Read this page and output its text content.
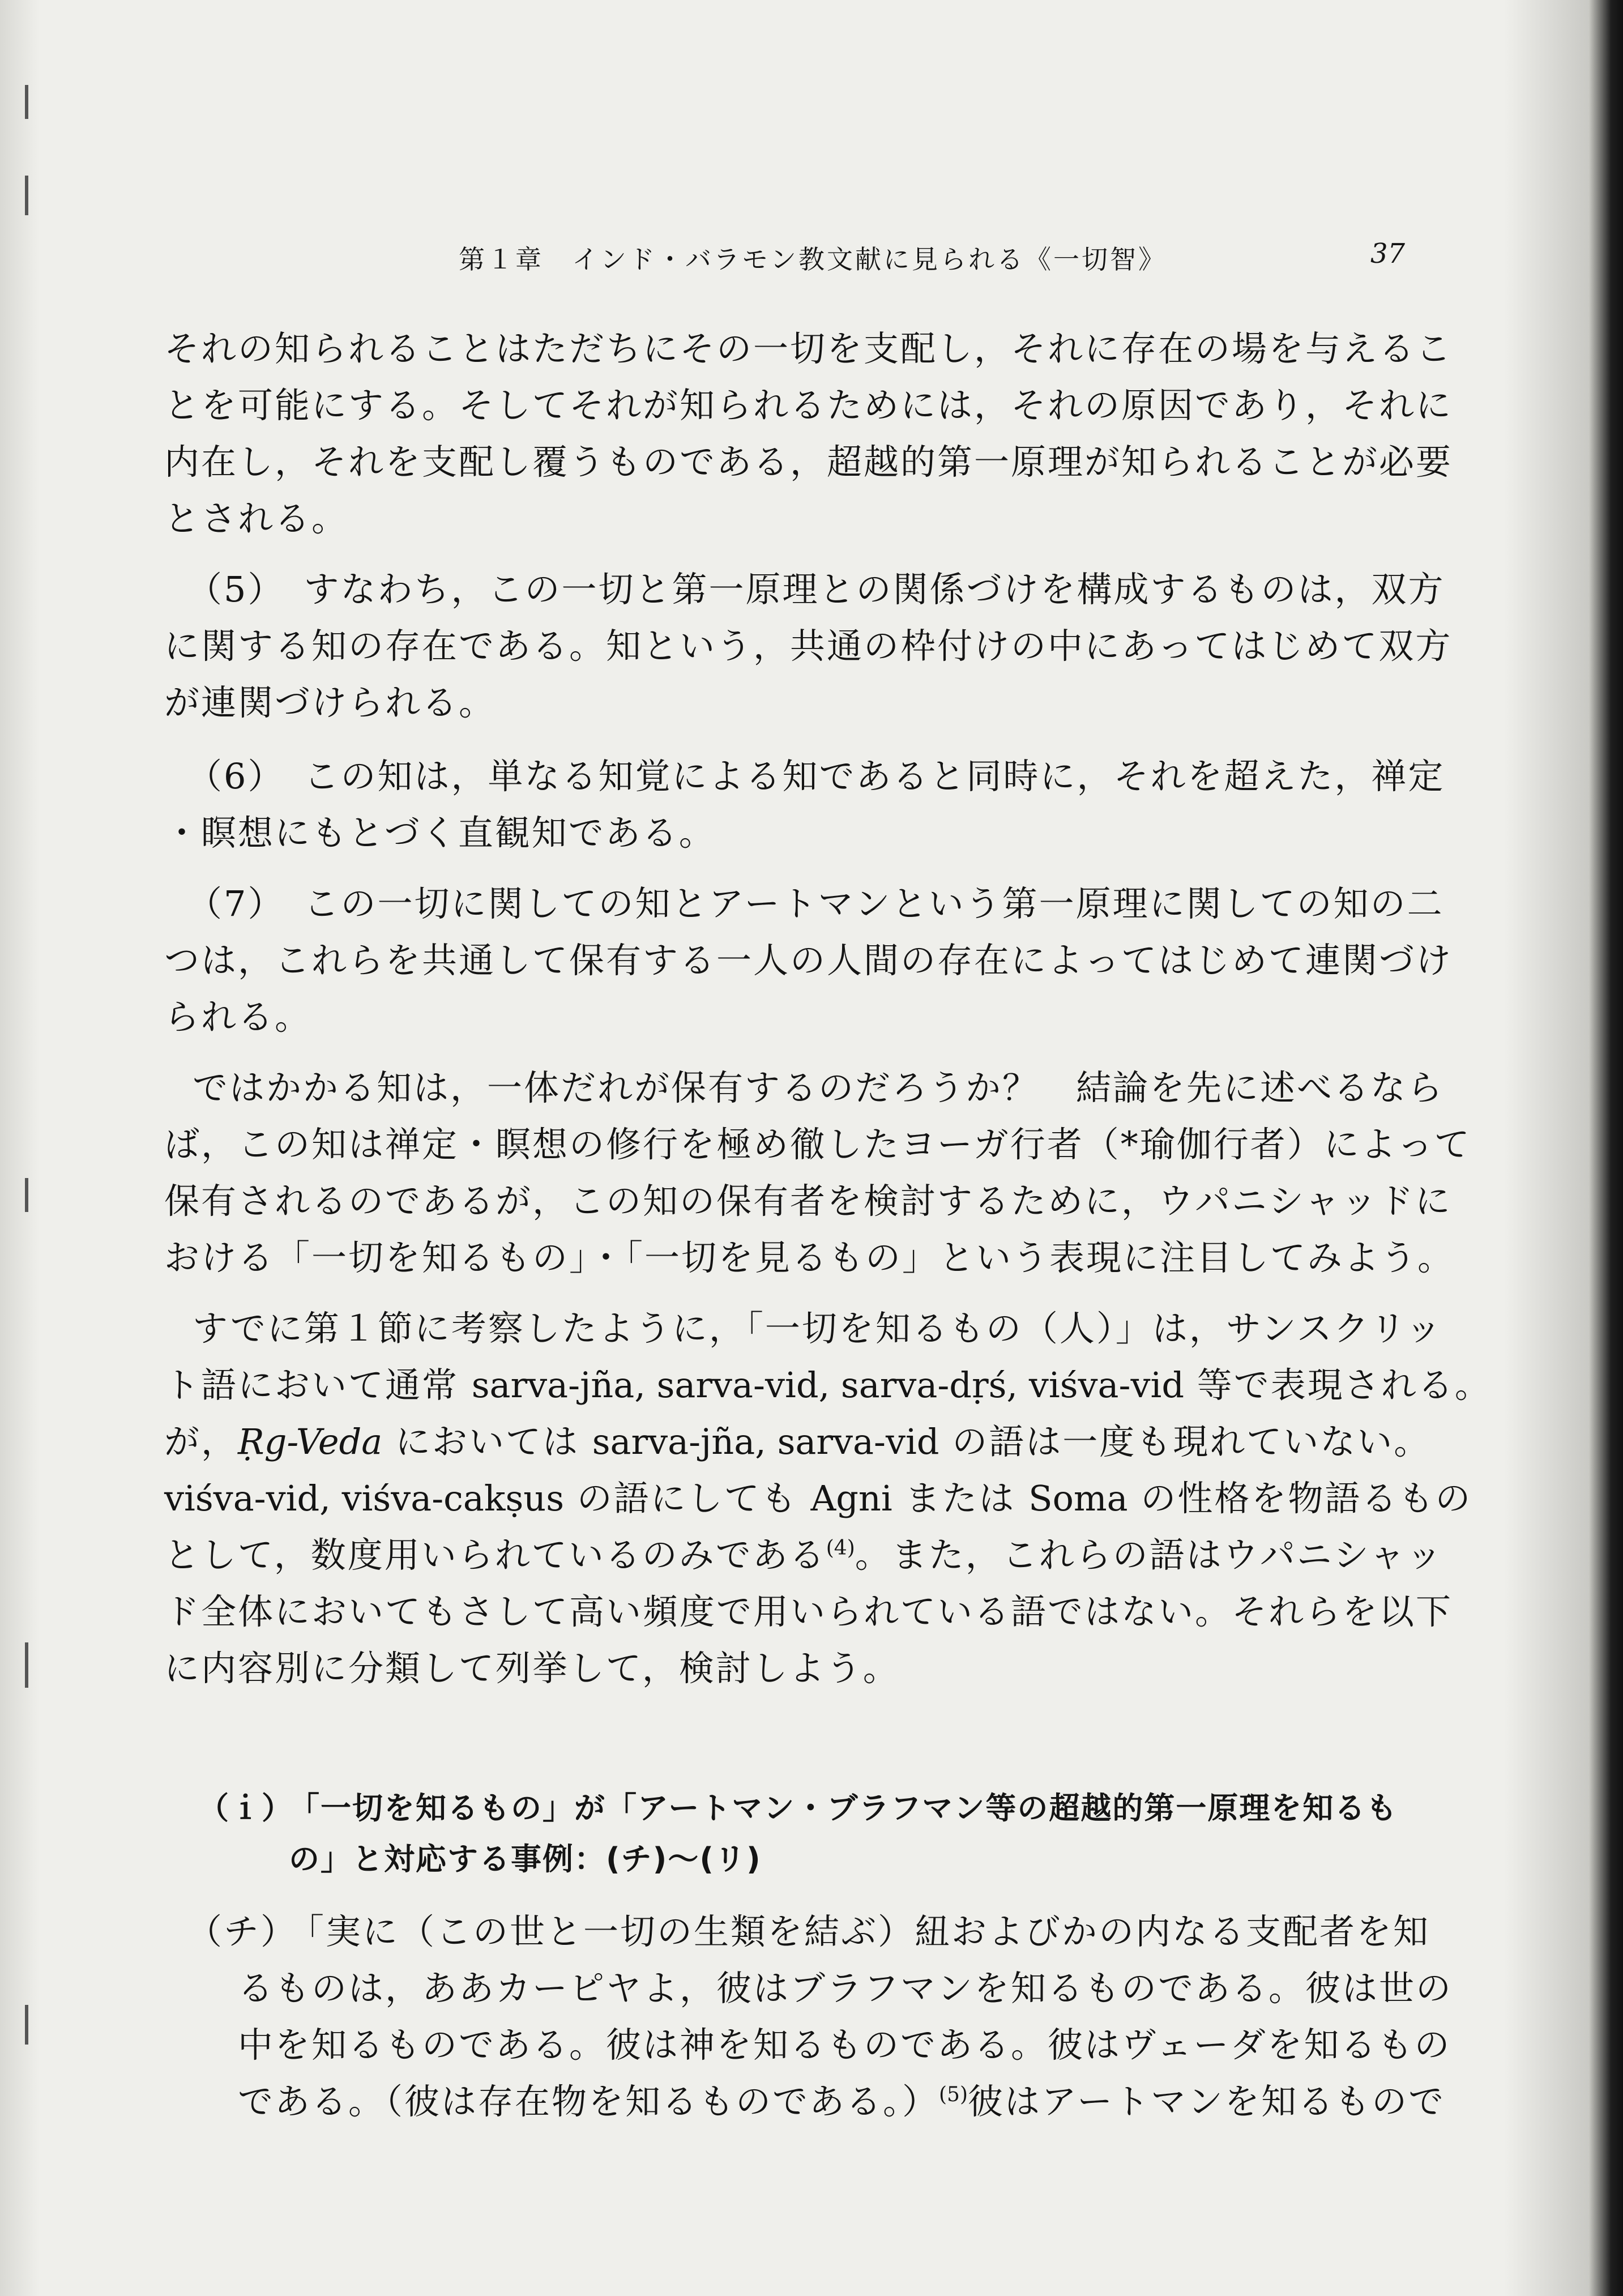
第１章　インド・バラモン教文献に見られる《一切智》	37
それの知られることはただちにその一切を支配し，それに存在の場を与えるこ
とを可能にする。そしてそれが知られるためには，それの原因であり，それに
内在し，それを支配し覆うものである，超越的第一原理が知られることが必要
とされる。
（5）　すなわち，この一切と第一原理との関係づけを構成するものは，双方
に関する知の存在である。知という，共通の枠付けの中にあってはじめて双方
が連関づけられる。
（6）　この知は，単なる知覚による知であると同時に，それを超えた，禅定
・瞑想にもとづく直観知である。
（7）　この一切に関しての知とアートマンという第一原理に関しての知の二
つは，これらを共通して保有する一人の人間の存在によってはじめて連関づけ
られる。
ではかかる知は，一体だれが保有するのだろうか？　結論を先に述べるなら
ば，この知は禅定・瞑想の修行を極め徹したヨーガ行者（*瑜伽行者）によって
保有されるのであるが，この知の保有者を検討するために，ウパニシャッドに
おける「一切を知るもの」・「一切を見るもの」という表現に注目してみよう。
すでに第１節に考察したように，「一切を知るもの（人）」は，サンスクリッ
ト語において通常 sarva-jña, sarva-vid, sarva-dṛś, viśva-vid 等で表現される。
が，Ṛg-Veda においては sarva-jña, sarva-vid の語は一度も現れていない。
viśva-vid, viśva-cakṣus の語にしても Agni または Soma の性格を物語るもの
として，数度用いられているのみである$^{(4)}$。また，これらの語はウパニシャッ
ド全体においてもさして高い頻度で用いられている語ではない。それらを以下
に内容別に分類して列挙して，検討しよう。
（ｉ）
「一切を知るもの」が「アートマン・ブラフマン等の超越的第一原理を知るも
の」と対応する事例：(チ)〜(リ)
（チ）
「実に（この世と一切の生類を結ぶ）紐およびかの内なる支配者を知
るものは，ああカーピヤよ，彼はブラフマンを知るものである。彼は世の
中を知るものである。彼は神を知るものである。彼はヴェーダを知るもの
である。（彼は存在物を知るものである。）$^{(5)}$彼はアートマンを知るもので
